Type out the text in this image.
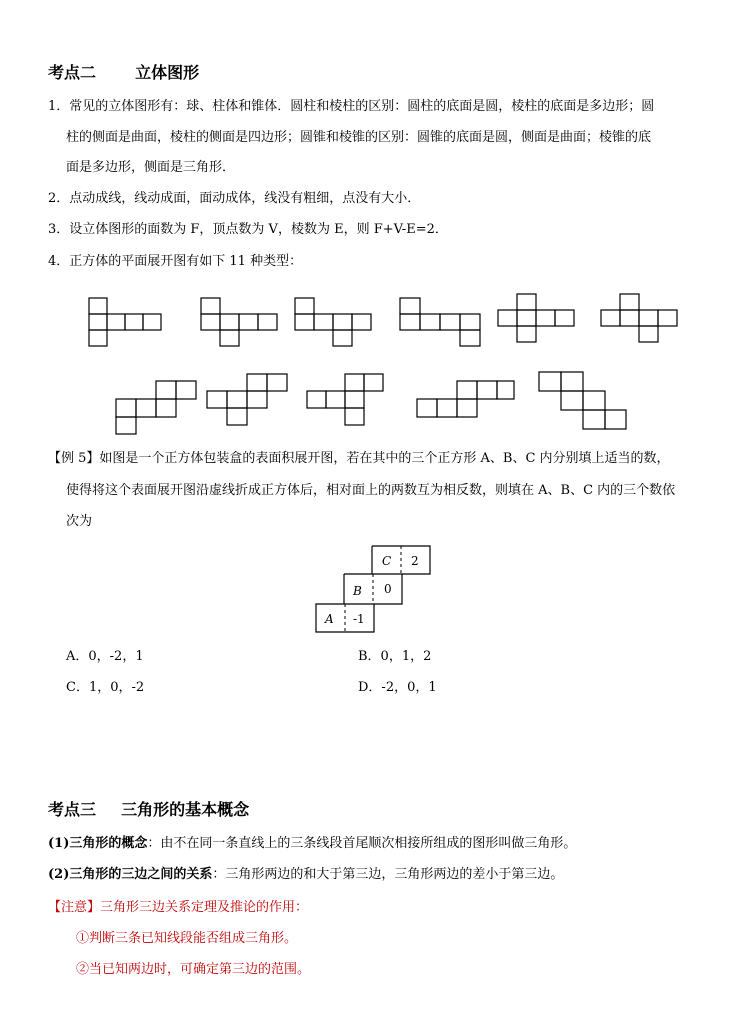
考点二 立体图形
1．常见的立体图形有：球、柱体和锥体．圆柱和棱柱的区别：圆柱的底面是圆，棱柱的底面是多边形；圆
柱的侧面是曲面，棱柱的侧面是四边形；圆锥和棱锥的区别：圆锥的底面是圆，侧面是曲面；棱锥的底
面是多边形，侧面是三角形．
2．点动成线，线动成面，面动成体，线没有粗细，点没有大小．
3．设立体图形的面数为 F，顶点数为 V，棱数为 E，则 F+V-E=2．
4．正方体的平面展开图有如下 11 种类型：
【例 5】如图是一个正方体包装盒的表面积展开图，若在其中的三个正方形 A、B、C 内分别填上适当的数，
使得将这个表面展开图沿虚线折成正方体后，相对面上的两数互为相反数，则填在 A、B、C 内的三个数依
次为
C 2
B 0
A -1
A．0，-2，1	B．0，1，2
C．1，0，-2	D．-2，0，1
考点三 三角形的基本概念
(1)三角形的概念：由不在同一条直线上的三条线段首尾顺次相接所组成的图形叫做三角形。
(2)三角形的三边之间的关系：三角形两边的和大于第三边，三角形两边的差小于第三边。
【注意】三角形三边关系定理及推论的作用：
①判断三条已知线段能否组成三角形。
②当已知两边时，可确定第三边的范围。
